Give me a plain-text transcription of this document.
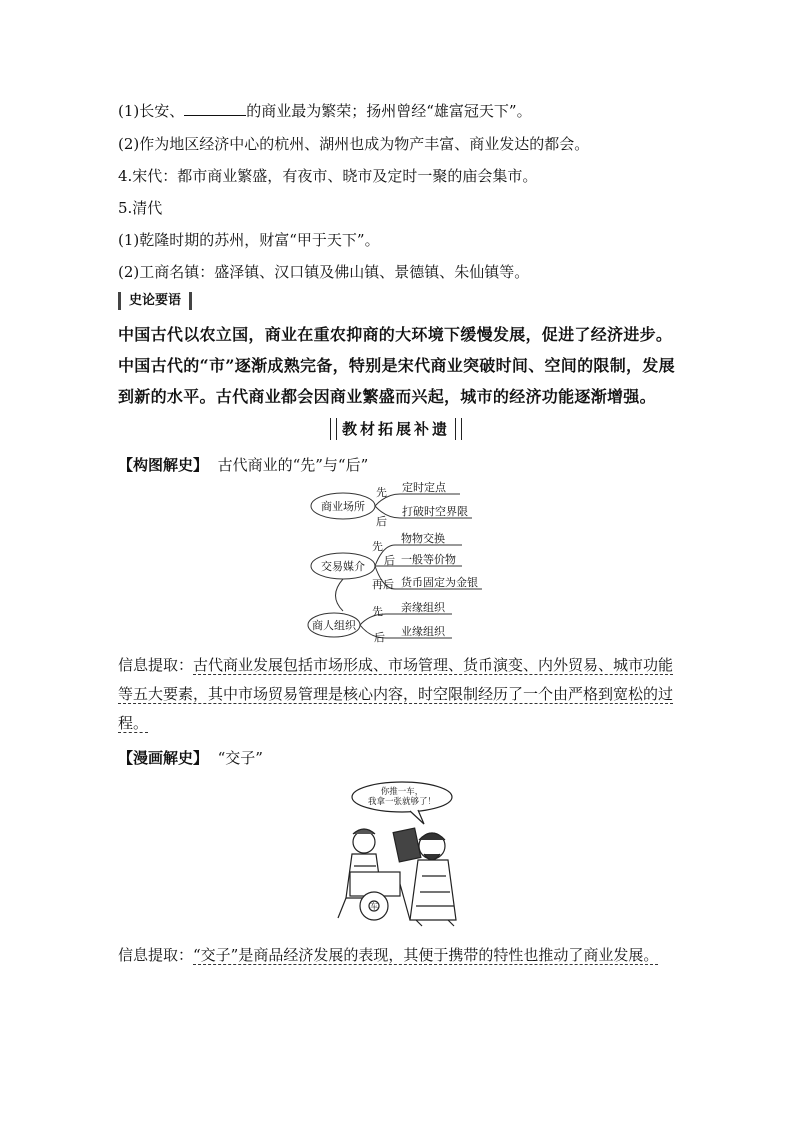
(1)长安、	的商业最为繁荣；扬州曾经“雄富冠天下”。
(2)作为地区经济中心的杭州、湖州也成为物产丰富、商业发达的都会。
4.宋代：都市商业繁盛，有夜市、晓市及定时一聚的庙会集市。
5.清代
(1)乾隆时期的苏州，财富“甲于天下”。
(2)工商名镇：盛泽镇、汉口镇及佛山镇、景德镇、朱仙镇等。
史论要语
中国古代以农立国，商业在重农抑商的大环境下缓慢发展，促进了经济进步。中国古代的“市”逐渐成熟完备，特别是宋代商业突破时间、空间的限制，发展到新的水平。古代商业都会因商业繁盛而兴起，城市的经济功能逐渐增强。
教材拓展补遗
【构图解史】 古代商业的“先”与“后”
商业场所
交易媒介
商人组织
先
后
先
后
再后
先
后
定时定点
打破时空界限
物物交换
一般等价物
货币固定为金银
亲缘组织
业缘组织
信息提取：古代商业发展包括市场形成、市场管理、货币演变、内外贸易、城市功能等五大要素，其中市场贸易管理是核心内容，时空限制经历了一个由严格到宽松的过程。
【漫画解史】 “交子”
你推一车，
我拿一张就够了！
车
信息提取：“交子”是商品经济发展的表现，其便于携带的特性也推动了商业发展。
